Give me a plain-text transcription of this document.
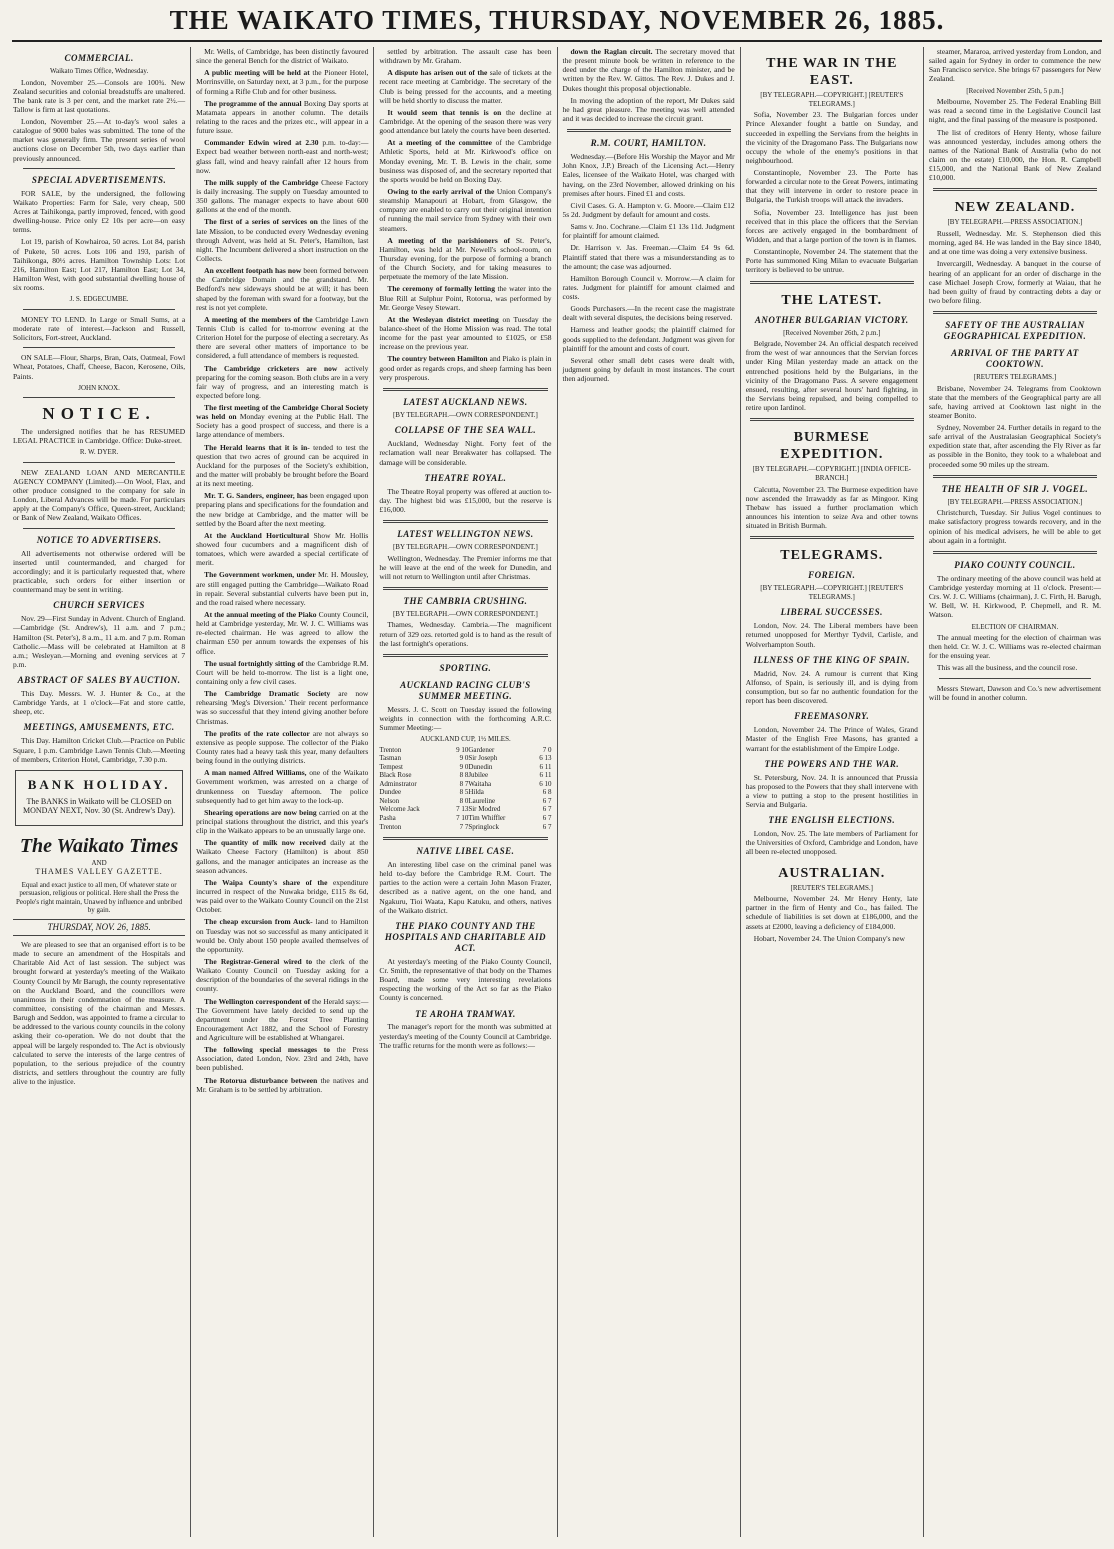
THE WAIKATO TIMES, THURSDAY, NOVEMBER 26, 1885.
COMMERCIAL.
Waikato Times Office, Wednesday.

London, November 25.—Consols are 100¾. New Zealand securities and colonial breadstuffs are unaltered. The bank rate is 3 per cent, and the market rate 2½.—Tallow is firm at last quotations.

London, November 25.—At to-day's wool sales a catalogue of 9000 bales was submitted. The tone of the market was generally firm. The present series of wool auctions close on December 5th, two days earlier than previously announced.

SPECIAL ADVERTISEMENTS.

FOR SALE, by the undersigned, the following Waikato Properties: Farm for Sale, very cheap, 500 Acres at Taihikonga, partly improved, fenced, with good dwelling-house. Price only £2 10s per acre—on easy terms.

Lot 19, parish of Kowhairoa, 50 acres. Lot 84, parish of Pukete, 50 acres. Lots 106 and 193, parish of Taihikonga, 80½ acres. Hamilton Township Lots: Lot 216, Hamilton East; Lot 217, Hamilton East; Lot 34, Hamilton West, with good substantial dwelling house of six rooms.

J. S. EDGECUMBE.

MONEY TO LEND. In Large or Small Sums, at a moderate rate of interest.—Jackson and Russell, Solicitors, Fort-street, Auckland.

ON SALE—Flour, Sharps, Bran, Oats, Oatmeal, Fowl Wheat, Potatoes, Chaff, Cheese, Bacon, Kerosene, Oils, Paints.

JOHN KNOX.
NOTICE.

The undersigned notifies that he has RESUMED LEGAL PRACTICE in Cambridge. Office: Duke-street.

R. W. DYER.

NEW ZEALAND LOAN AND MERCANTILE AGENCY COMPANY (Limited).—On Wool, Flax, and other produce consigned to the company for sale in London, Liberal Advances will be made. For particulars apply at the Company's Office, Queen-street, Auckland; or Bank of New Zealand, Waikato Offices.

NOTICE TO ADVERTISERS.

All advertisements not otherwise ordered will be inserted until countermanded, and charged for accordingly; and it is particularly requested that, where practicable, such orders for either insertion or countermand may be sent in writing.

CHURCH SERVICES

Nov. 29—First Sunday in Advent. Church of England.—Cambridge (St. Andrew's), 11 a.m. and 7 p.m.; Hamilton (St. Peter's), 8 a.m., 11 a.m. and 7 p.m. Roman Catholic.—Mass will be celebrated at Hamilton at 8 a.m.; Wesleyan.—Morning and evening services at 7 p.m.

ABSTRACT OF SALES BY AUCTION.

This Day. Messrs. W. J. Hunter & Co., at the Cambridge Yards, at 1 o'clock—Fat and store cattle, sheep, etc.

MEETINGS, AMUSEMENTS, ETC.

This Day. Hamilton Cricket Club.—Practice on Public Square, 1 p.m. Cambridge Lawn Tennis Club.—Meeting of members, Criterion Hotel, Cambridge, 7.30 p.m.

BANK HOLIDAY.

The BANKS in Waikato will be CLOSED on MONDAY NEXT, Nov. 30 (St. Andrew's Day).

The Waikato Times
AND
THAMES VALLEY GAZETTE.
Equal and exact justice to all men, Of whatever state or persuasion, religious or political. Here shall the Press the People's right maintain, Unawed by influence and unbribed by gain.
THURSDAY, NOV. 26, 1885.

We are pleased to see that an organised effort is to be made to secure an amendment of the Hospitals and Charitable Aid Act of last session. The subject was brought forward at yesterday's meeting of the Waikato County Council by Mr Barugh, the county representative on the Auckland Board, and the councillors were unanimous in their condemnation of the measure. A committee, consisting of the chairman and Messrs. Barugh and Seddon, was appointed to frame a circular to be addressed to the various county councils in the colony asking their co-operation. We do not doubt that the appeal will be largely responded to. The Act is obviously calculated to serve the interests of the large centres of population, to the serious prejudice of the country districts, and settlers throughout the country are fully alive to the injustice.

Mr. Wells, of Cambridge, has been distinctly favoured since the general Bench for the district of Waikato.

A public meeting will be held at the Pioneer Hotel, Morrinsville, on Saturday next, at 3 p.m., for the purpose of forming a Rifle Club and for other business.

The programme of the annual Boxing Day sports at Matamata appears in another column. The details relating to the races and the prizes etc., will appear in a future issue.

Commander Edwin wired at 2.30 p.m. to-day:—Expect bad weather between north-east and north-west; glass fall, wind and heavy rainfall after 12 hours from now.

The milk supply of the Cambridge Cheese Factory is daily increasing. The supply on Tuesday amounted to 350 gallons. The manager expects to have about 600 gallons at the end of the month.

The first of a series of services on the lines of the late Mission, to be conducted every Wednesday evening through Advent, was held at St. Peter's, Hamilton, last night. The Incumbent delivered a short instruction on the Collects.

An excellent footpath has now been formed between the Cambridge Domain and the grandstand. Mr. Bedford's new sideways should be at will; it has been shaped by the foreman with sward for a footway, but the rest is not yet complete.

A meeting of the members of the Cambridge Lawn Tennis Club is called for to-morrow evening at the Criterion Hotel for the purpose of electing a secretary. As there are several other matters of importance to be considered, a full attendance of members is requested.

The Cambridge cricketers are now actively preparing for the coming season. Both clubs are in a very fair way of progress, and an interesting match is expected before long.

The first meeting of the Cambridge Choral Society was held on Monday evening at the Public Hall. The Society has a good prospect of success, and there is a large attendance of members.

The Herald learns that it is in- tended to test the question that two acres of ground can be acquired in Auckland for the purposes of the Society's exhibition, and the matter will probably be brought before the Board at its next meeting.

Mr. T. G. Sanders, engineer, has been engaged upon preparing plans and specifications for the foundation and the new bridge at Cambridge, and the matter will be settled by the Board after the next meeting.

At the Auckland Horticultural Show Mr. Hollis showed four cucumbers and a magnificent dish of tomatoes, which were awarded a special certificate of merit.

The Government workmen, under Mr. H. Mousley, are still engaged putting the Cambridge—Waikato Road in repair. Several substantial culverts have been put in, and the road raised where necessary.

At the annual meeting of the Piako County Council, held at Cambridge yesterday, Mr. W. J. C. Williams was re-elected chairman. He was agreed to allow the chairman £50 per annum towards the expenses of his office.

The usual fortnightly sitting of the Cambridge R.M. Court will be held to-morrow. The list is a light one, containing only a few civil cases.

The Cambridge Dramatic Society are now rehearsing 'Meg's Diversion.' Their recent performance was so successful that they intend giving another before Christmas.

The profits of the rate collector are not always so extensive as people suppose. The collector of the Piako County rates had a heavy task this year, many defaulters being found in the outlying districts.

A man named Alfred Williams, one of the Waikato Government workmen, was arrested on a charge of drunkenness on Tuesday afternoon. The police subsequently had to get him away to the lock-up.

Shearing operations are now being carried on at the principal stations throughout the district, and this year's clip in the Waikato appears to be an unusually large one.

The quantity of milk now received daily at the Waikato Cheese Factory (Hamilton) is about 850 gallons, and the manager anticipates an increase as the season advances.

The Waipa County's share of the expenditure incurred in respect of the Nuwaka bridge, £115 8s 6d, was paid over to the Waikato County Council on the 21st October.

The cheap excursion from Auck- land to Hamilton on Tuesday was not so successful as many anticipated it would be. Only about 150 people availed themselves of the opportunity.

The Registrar-General wired to the clerk of the Waikato County Council on Tuesday asking for a description of the boundaries of the several ridings in the county.

The Wellington correspondent of the Herald says:—The Government have lately decided to send up the department under the Forest Tree Planting Encouragement Act 1882, and the School of Forestry and Agriculture will be established at Whangarei.

The following special messages to the Press Association, dated London, Nov. 23rd and 24th, have been published.

The Rotorua disturbance between the natives and Mr. Graham is to be settled by arbitration.

settled by arbitration. The assault case has been withdrawn by Mr. Graham.

A dispute has arisen out of the sale of tickets at the recent race meeting at Cambridge. The secretary of the Club is being pressed for the accounts, and a meeting will be held shortly to discuss the matter.

It would seem that tennis is on the decline at Cambridge. At the opening of the season there was very good attendance but lately the courts have been deserted.

At a meeting of the committee of the Cambridge Athletic Sports, held at Mr. Kirkwood's office on Monday evening, Mr. T. B. Lewis in the chair, some business was disposed of, and the secretary reported that the sports would be held on Boxing Day.

Owing to the early arrival of the Union Company's steamship Manapouri at Hobart, from Glasgow, the company are enabled to carry out their original intention of running the mail service from Sydney with their own steamers.

A meeting of the parishioners of St. Peter's, Hamilton, was held at Mr. Newell's school-room, on Thursday evening, for the purpose of forming a branch of the Church Society, and for taking measures to perpetuate the memory of the late Mission.

The ceremony of formally letting the water into the Blue Rill at Sulphur Point, Rotorua, was performed by Mr. George Vesey Stewart.

At the Wesleyan district meeting on Tuesday the balance-sheet of the Home Mission was read. The total income for the past year amounted to £1025, or £58 increase on the previous year.

The country between Hamilton and Piako is plain in good order as regards crops, and sheep farming has been very prosperous.

LATEST AUCKLAND NEWS.
[BY TELEGRAPH.—OWN CORRESPONDENT.]
COLLAPSE OF THE SEA WALL.

Auckland, Wednesday Night. Forty feet of the reclamation wall near Breakwater has collapsed. The damage will be considerable.

THEATRE ROYAL.

The Theatre Royal property was offered at auction to-day. The highest bid was £15,000, but the reserve is £16,000.

LATEST WELLINGTON NEWS.
[BY TELEGRAPH.—OWN CORRESPONDENT.]

Wellington, Wednesday. The Premier informs me that he will leave at the end of the week for Dunedin, and will not return to Wellington until after Christmas.

THE CAMBRIA CRUSHING.
[BY TELEGRAPH.—OWN CORRESPONDENT.]

Thames, Wednesday. Cambria.—The magnificent return of 329 ozs. retorted gold is to hand as the result of the last fortnight's operations.

SPORTING.
AUCKLAND RACING CLUB'S SUMMER MEETING.

Messrs. J. C. Scott on Tuesday issued the following weights in connection with the forthcoming A.R.C. Summer Meeting:—

AUCKLAND CUP, 1½ MILES.
Trenton	9 10	Gardener	7 0
Tasman	9 0	Sir Joseph	6 13
Tempest	9 0	Dunedin	6 11
Black Rose	8 8	Jubilee	6 11
Adminstrator	8 7	Waitaha	6 10
Dundee	8 5	Hilda	6 8
Nelson	8 0	Laureline	6 7
Welcome Jack	7 13	Sir Modred	6 7
Pasha	7 10	Tim Whiffler	6 7
Trenton	7 7	Springlock	6 7
NATIVE LIBEL CASE.

An interesting libel case on the criminal panel was held to-day before the Cambridge R.M. Court. The parties to the action were a certain John Mason Frazer, described as a native agent, on the one hand, and Ngakuru, Tioi Waata, Kapu Katuku, and others, natives of the Waikato district.

THE PIAKO COUNTY AND THE HOSPITALS AND CHARITABLE AID ACT.

At yesterday's meeting of the Piako County Council, Cr. Smith, the representative of that body on the Thames Board, made some very interesting revelations respecting the working of the Act so far as the Piako County is concerned.

TE AROHA TRAMWAY.

The manager's report for the month was submitted at yesterday's meeting of the County Council at Cambridge. The traffic returns for the month were as follows:—

down the Raglan circuit. The secretary moved that the present minute book be written in reference to the deed under the charge of the Hamilton minister, and be written by the Rev. W. Gittos. The Rev. J. Dukes and J. Dukes thought this proposal objectionable.

In moving the adoption of the report, Mr Dukes said he had great pleasure. The meeting was well attended and it was decided to increase the circuit grant.

R.M. COURT, HAMILTON.

Wednesday.—(Before His Worship the Mayor and Mr John Knox, J.P.) Breach of the Licensing Act.—Henry Eales, licensee of the Waikato Hotel, was charged with having, on the 23rd November, allowed drinking on his premises after hours. Fined £1 and costs.

Civil Cases. G. A. Hampton v. G. Moore.—Claim £12 5s 2d. Judgment by default for amount and costs.

Sams v. Jno. Cochrane.—Claim £1 13s 11d. Judgment for plaintiff for amount claimed.

Dr. Harrison v. Jas. Freeman.—Claim £4 9s 6d. Plaintiff stated that there was a misunderstanding as to the amount; the case was adjourned.

Hamilton Borough Council v. Morrow.—A claim for rates. Judgment for plaintiff for amount claimed and costs.

Goods Purchasers.—In the recent case the magistrate dealt with several disputes, the decisions being reserved.

Harness and leather goods; the plaintiff claimed for goods supplied to the defendant. Judgment was given for plaintiff for the amount and costs of court.

Several other small debt cases were dealt with, judgment going by default in most instances. The court then adjourned.

THE WAR IN THE EAST.
[BY TELEGRAPH.—COPYRIGHT.] [REUTER'S TELEGRAMS.]

Sofia, November 23. The Bulgarian forces under Prince Alexander fought a battle on Sunday, and succeeded in expelling the Servians from the heights in the vicinity of the Dragomano Pass. The Bulgarians now occupy the whole of the enemy's positions in that neighbourhood.

Constantinople, November 23. The Porte has forwarded a circular note to the Great Powers, intimating that they will intervene in order to restore peace in Bulgaria, the Turkish troops will attack the invaders.

Sofia, November 23. Intelligence has just been received that in this place the officers that the Servian forces are actively engaged in the bombardment of Widden, and that a large portion of the town is in flames.

Constantinople, November 24. The statement that the Porte has summoned King Milan to evacuate Bulgarian territory is believed to be untrue.

THE LATEST.
ANOTHER BULGARIAN VICTORY.
[Received November 26th, 2 p.m.]

Belgrade, November 24. An official despatch received from the west of war announces that the Servian forces under King Milan yesterday made an attack on the entrenched positions held by the Bulgarians, in the vicinity of the Dragomano Pass. A severe engagement ensued, resulting, after several hours' hard fighting, in the Servians being repulsed, and being compelled to retire upon Iardinol.

BURMESE EXPEDITION.
[BY TELEGRAPH.—COPYRIGHT.] [INDIA OFFICE-BRANCH.]

Calcutta, November 23. The Burmese expedition have now ascended the Irrawaddy as far as Mingoor. King Thebaw has issued a further proclamation which announces his intention to seize Ava and other towns situated in British Burmah.

TELEGRAMS.
FOREIGN.
[BY TELEGRAPH.—COPYRIGHT.] [REUTER'S TELEGRAMS.]
LIBERAL SUCCESSES.

London, Nov. 24. The Liberal members have been returned unopposed for Merthyr Tydvil, Carlisle, and Wolverhampton South.

ILLNESS OF THE KING OF SPAIN.

Madrid, Nov. 24. A rumour is current that King Alfonso, of Spain, is seriously ill, and is dying from consumption, but so far no authentic foundation for the report has been discovered.

FREEMASONRY.

London, November 24. The Prince of Wales, Grand Master of the English Free Masons, has granted a warrant for the establishment of the Empire Lodge.

THE POWERS AND THE WAR.

St. Petersburg, Nov. 24. It is announced that Prussia has proposed to the Powers that they shall intervene with a view to putting a stop to the present hostilities in Servia and Bulgaria.

THE ENGLISH ELECTIONS.

London, Nov. 25. The late members of Parliament for the Universities of Oxford, Cambridge and London, have all been re-elected unopposed.

AUSTRALIAN.
[REUTER'S TELEGRAMS.]

Melbourne, November 24. Mr Henry Henty, late partner in the firm of Henty and Co., has failed. The schedule of liabilities is set down at £186,000, and the assets at £2000, leaving a deficiency of £184,000.

Hobart, November 24. The Union Company's new

steamer, Mararoa, arrived yesterday from London, and sailed again for Sydney in order to commence the new San Francisco service. She brings 67 passengers for New Zealand.

[Received November 25th, 5 p.m.]

Melbourne, November 25. The Federal Enabling Bill was read a second time in the Legislative Council last night, and the final passing of the measure is postponed.

The list of creditors of Henry Henty, whose failure was announced yesterday, includes among others the names of the National Bank of Australia (who do not claim on the estate) £10,000, the Hon. R. Campbell £15,000, and the National Bank of New Zealand £10,000.

NEW ZEALAND.
[BY TELEGRAPH.—PRESS ASSOCIATION.]

Russell, Wednesday. Mr. S. Stephenson died this morning, aged 84. He was landed in the Bay since 1840, and at one time was doing a very extensive business.

Invercargill, Wednesday. A banquet in the course of hearing of an applicant for an order of discharge in the case Michael Joseph Crow, formerly at Waiau, that he had been guilty of fraud by contracting debts a day or two before filing.

SAFETY OF THE AUSTRALIAN GEOGRAPHICAL EXPEDITION.
ARRIVAL OF THE PARTY AT COOKTOWN.
[REUTER'S TELEGRAMS.]

Brisbane, November 24. Telegrams from Cooktown state that the members of the Geographical party are all safe, having arrived at Cooktown last night in the steamer Bonito.

Sydney, November 24. Further details in regard to the safe arrival of the Australasian Geographical Society's expedition state that, after ascending the Fly River as far as possible in the Bonito, they took to a whaleboat and proceeded some 90 miles up the stream.

THE HEALTH OF SIR J. VOGEL.
[BY TELEGRAPH.—PRESS ASSOCIATION.]

Christchurch, Tuesday. Sir Julius Vogel continues to make satisfactory progress towards recovery, and in the opinion of his medical advisers, he will be able to get about again in a fortnight.

PIAKO COUNTY COUNCIL.

The ordinary meeting of the above council was held at Cambridge yesterday morning at 11 o'clock. Present:—Crs. W. J. C. Williams (chairman), J. C. Firth, H. Barugh, W. Bell, W. H. Kirkwood, P. Chepmell, and R. M. Watson.

ELECTION OF CHAIRMAN.

The annual meeting for the election of chairman was then held. Cr. W. J. C. Williams was re-elected chairman for the ensuing year.

This was all the business, and the council rose.

Messrs Stewart, Dawson and Co.'s new advertisement will be found in another column.
